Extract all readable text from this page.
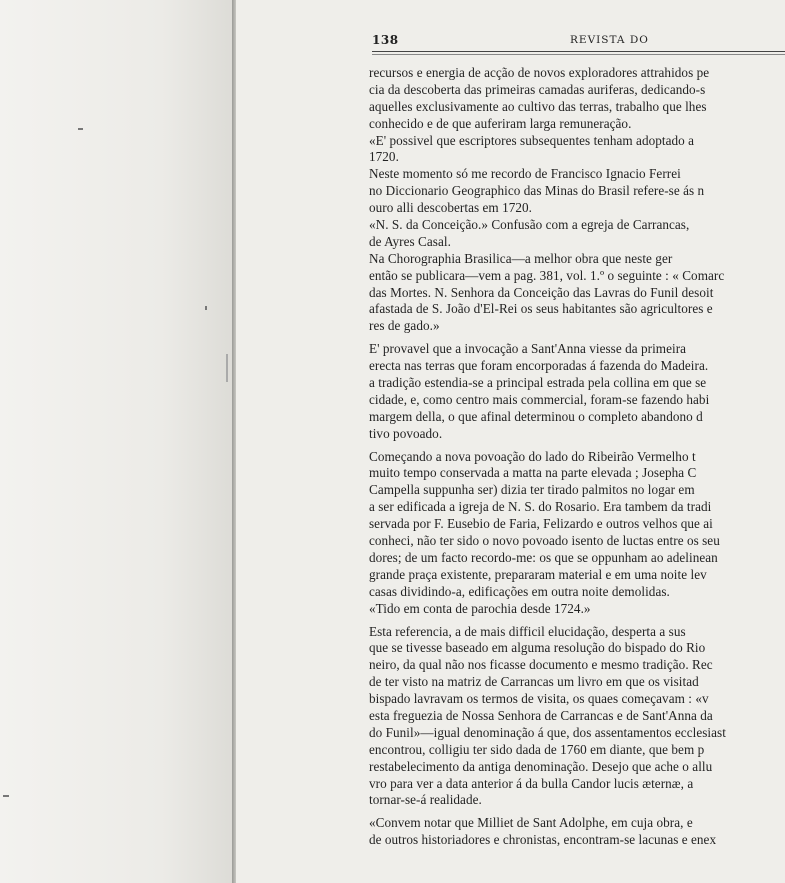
138	REVISTA DO
recursos e energia de acção de novos exploradores attrahidos pe
cia da descoberta das primeiras camadas auriferas, dedicando-s
aquelles exclusivamente ao cultivo das terras, trabalho que lhes
conhecido e de que auferiram larga remuneração.
«E' possivel que escriptores subsequentes tenham adoptado a
1720.
Neste momento só me recordo de Francisco Ignacio Ferrei
no Diccionario Geographico das Minas do Brasil refere-se ás n
ouro alli descobertas em 1720.
«N. S. da Conceição.» Confusão com a egreja de Carrancas,
de Ayres Casal.
Na Chorographia Brasilica—a melhor obra que neste ger
então se publicara—vem a pag. 381, vol. 1.º o seguinte : « Comarc
das Mortes. N. Senhora da Conceição das Lavras do Funil desoit
afastada de S. João d'El-Rei os seus habitantes são agricultores e
res de gado.»
E' provavel que a invocação a Sant'Anna viesse da primeira
erecta nas terras que foram encorporadas á fazenda do Madeira.
a tradição estendia-se a principal estrada pela collina em que se
cidade, e, como centro mais commercial, foram-se fazendo habi
margem della, o que afinal determinou o completo abandono d
tivo povoado.
Começando a nova povoação do lado do Ribeirão Vermelho t
muito tempo conservada a matta na parte elevada ; Josepha C
Campella suppunha ser) dizia ter tirado palmitos no logar em
a ser edificada a igreja de N. S. do Rosario. Era tambem da tradi
servada por F. Eusebio de Faria, Felizardo e outros velhos que ai
conheci, não ter sido o novo povoado isento de luctas entre os seu
dores; de um facto recordo-me: os que se oppunham ao adelinean
grande praça existente, prepararam material e em uma noite lev
casas dividindo-a, edificações em outra noite demolidas.
«Tido em conta de parochia desde 1724.»
Esta referencia, a de mais difficil elucidação, desperta a sus
que se tivesse baseado em alguma resolução do bispado do Rio
neiro, da qual não nos ficasse documento e mesmo tradição. Rec
de ter visto na matriz de Carrancas um livro em que os visitad
bispado lavravam os termos de visita, os quaes começavam : «v
esta freguezia de Nossa Senhora de Carrancas e de Sant'Anna da
do Funil»—igual denominação á que, dos assentamentos ecclesiast
encontrou, colligiu ter sido dada de 1760 em diante, que bem p
restabelecimento da antiga denominação. Desejo que ache o allu
vro para ver a data anterior á da bulla Candor lucis æternæ, a
tornar-se-á realidade.
«Convem notar que Milliet de Sant Adolphe, em cuja obra, e
de outros historiadores e chronistas, encontram-se lacunas e enex
